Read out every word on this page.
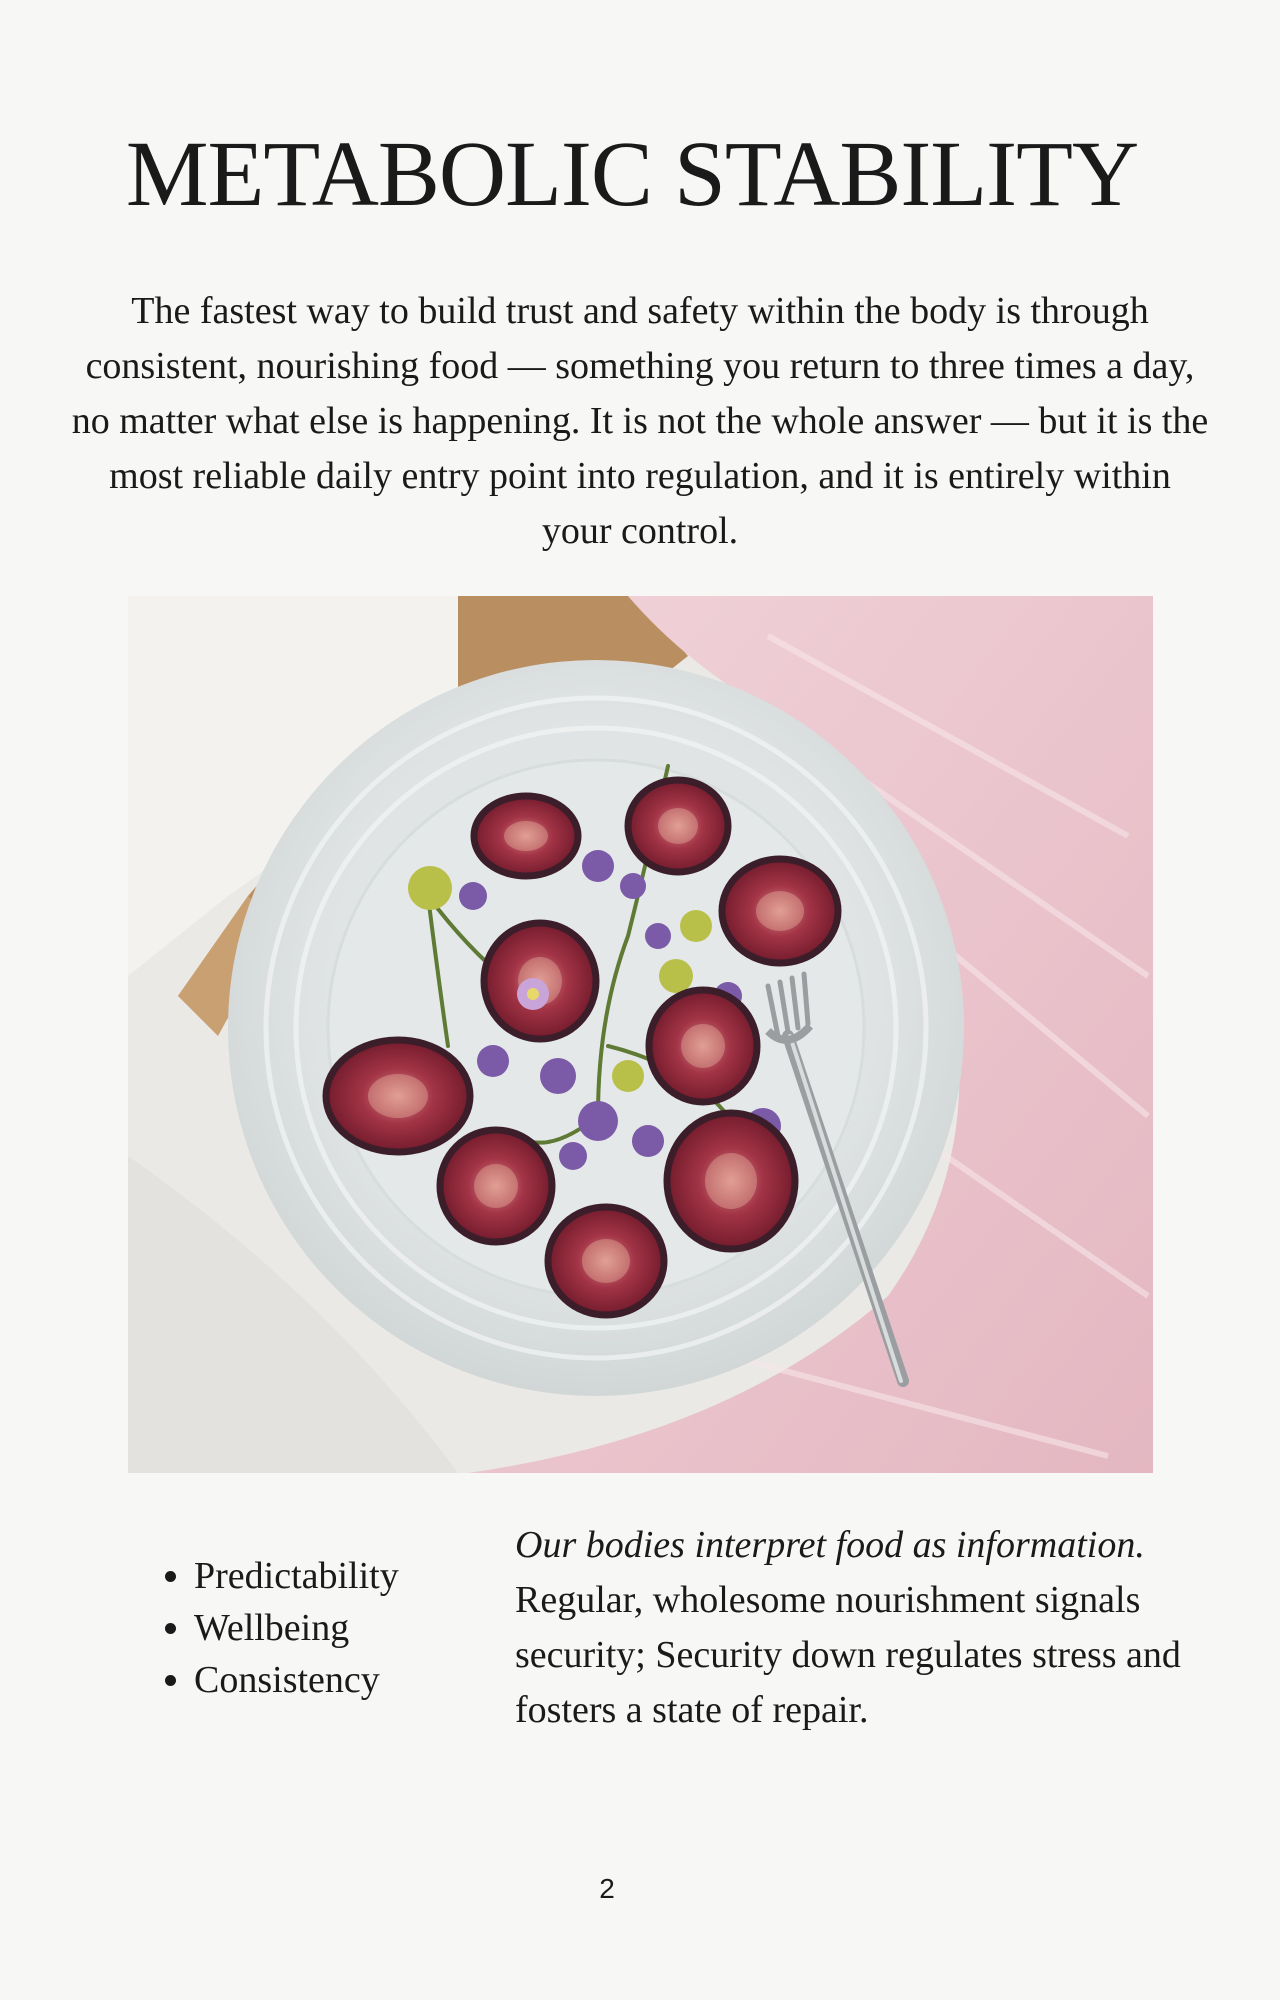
METABOLIC STABILITY

The fastest way to build trust and safety within the body is through consistent, nourishing food — something you return to three times a day, no matter what else is happening. It is not the whole answer — but it is the most reliable daily entry point into regulation, and it is entirely within your control.

• Predictability
• Wellbeing
• Consistency
Our bodies interpret food as information.
Regular, wholesome nourishment signals security; Security down regulates stress and fosters a state of repair.
2
